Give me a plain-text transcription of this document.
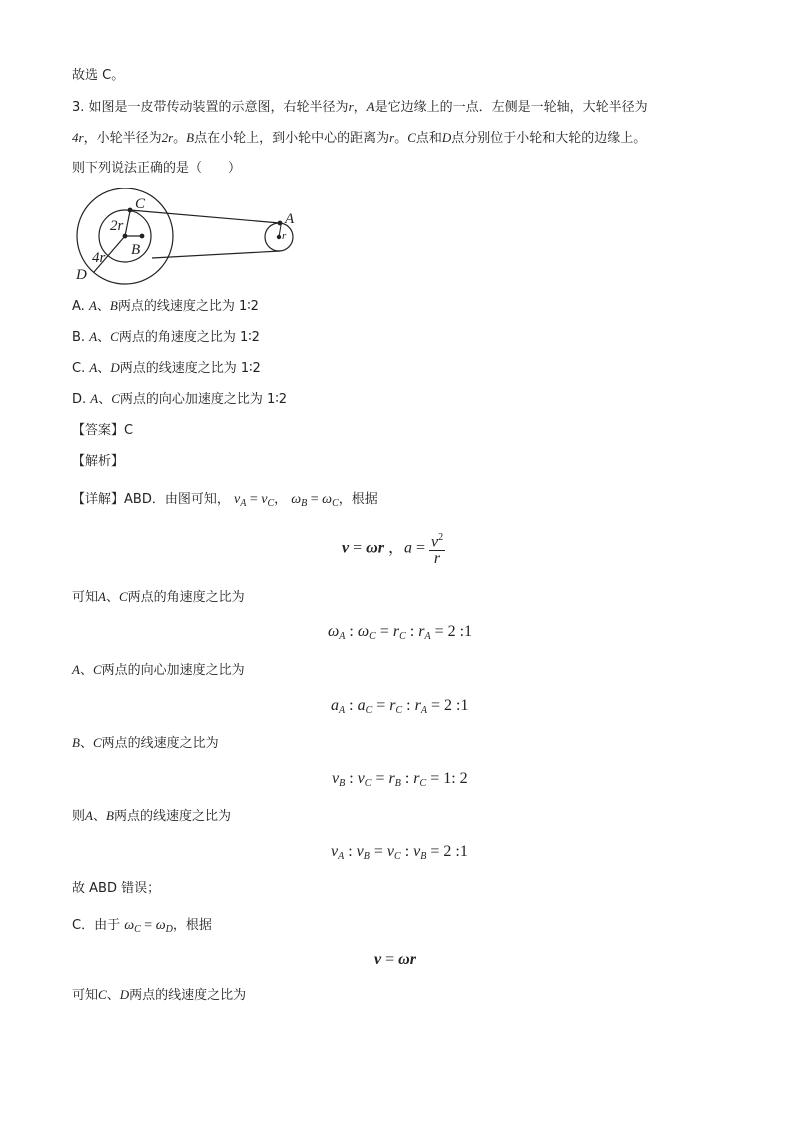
故选 C。
3. 如图是一皮带传动装置的示意图，右轮半径为r，A是它边缘上的一点．左侧是一轮轴，大轮半径为
4r，小轮半径为2r。B点在小轮上，到小轮中心的距离为r。C点和D点分别位于小轮和大轮的边缘上。
则下列说法正确的是（　　）
C
2r
B
4r
D
A
r
A. A、B两点的线速度之比为 1∶2
B. A、C两点的角速度之比为 1∶2
C. A、D两点的线速度之比为 1∶2
D. A、C两点的向心加速度之比为 1∶2
【答案】C
【解析】
【详解】ABD．由图可知， $v_A = v_C$， $\omega_B = \omega_C$，根据
v = ωr ，$a = \frac{v^2}{r}$
可知A、C两点的角速度之比为
$\omega_A$ : $\omega_C = r_C$ : $r_A = 2$ :1
A、C两点的向心加速度之比为
$a_A$ : $a_C = r_C$ : $r_A = 2$ :1
B、C两点的线速度之比为
$v_B$ : $v_C = r_B$ : $r_C = 1$: 2
则A、B两点的线速度之比为
$v_A$ : $v_B = v_C$ : $v_B = 2$ :1
故 ABD 错误；
C．由于 $\omega_C = \omega_D$，根据
v = ωr
可知C、D两点的线速度之比为
